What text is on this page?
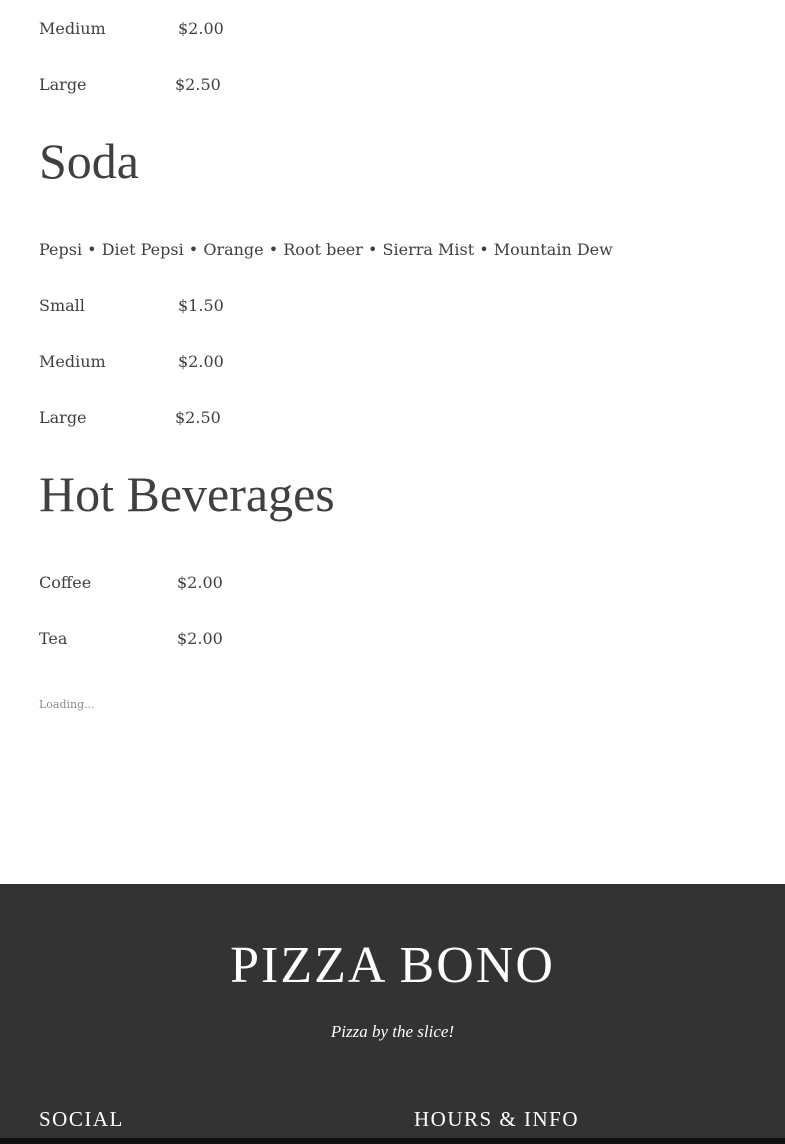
Medium	$2.00
Large	$2.50
Soda
Pepsi • Diet Pepsi • Orange • Root beer • Sierra Mist • Mountain Dew
Small	$1.50
Medium	$2.00
Large	$2.50
Hot Beverages
Coffee	$2.00
Tea	$2.00
Loading...
PIZZA BONO
Pizza by the slice!
SOCIAL	HOURS & INFO
